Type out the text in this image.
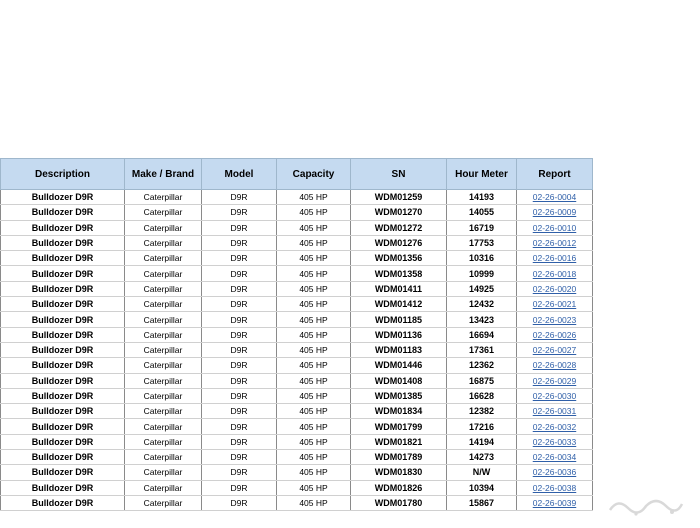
Description	Make / Brand	Model	Capacity	SN	Hour Meter	Report
Bulldozer D9R	Caterpillar	D9R	405 HP	WDM01259	14193	02-26-0004
Bulldozer D9R	Caterpillar	D9R	405 HP	WDM01270	14055	02-26-0009
Bulldozer D9R	Caterpillar	D9R	405 HP	WDM01272	16719	02-26-0010
Bulldozer D9R	Caterpillar	D9R	405 HP	WDM01276	17753	02-26-0012
Bulldozer D9R	Caterpillar	D9R	405 HP	WDM01356	10316	02-26-0016
Bulldozer D9R	Caterpillar	D9R	405 HP	WDM01358	10999	02-26-0018
Bulldozer D9R	Caterpillar	D9R	405 HP	WDM01411	14925	02-26-0020
Bulldozer D9R	Caterpillar	D9R	405 HP	WDM01412	12432	02-26-0021
Bulldozer D9R	Caterpillar	D9R	405 HP	WDM01185	13423	02-26-0023
Bulldozer D9R	Caterpillar	D9R	405 HP	WDM01136	16694	02-26-0026
Bulldozer D9R	Caterpillar	D9R	405 HP	WDM01183	17361	02-26-0027
Bulldozer D9R	Caterpillar	D9R	405 HP	WDM01446	12362	02-26-0028
Bulldozer D9R	Caterpillar	D9R	405 HP	WDM01408	16875	02-26-0029
Bulldozer D9R	Caterpillar	D9R	405 HP	WDM01385	16628	02-26-0030
Bulldozer D9R	Caterpillar	D9R	405 HP	WDM01834	12382	02-26-0031
Bulldozer D9R	Caterpillar	D9R	405 HP	WDM01799	17216	02-26-0032
Bulldozer D9R	Caterpillar	D9R	405 HP	WDM01821	14194	02-26-0033
Bulldozer D9R	Caterpillar	D9R	405 HP	WDM01789	14273	02-26-0034
Bulldozer D9R	Caterpillar	D9R	405 HP	WDM01830	N/W	02-26-0036
Bulldozer D9R	Caterpillar	D9R	405 HP	WDM01826	10394	02-26-0038
Bulldozer D9R	Caterpillar	D9R	405 HP	WDM01780	15867	02-26-0039
